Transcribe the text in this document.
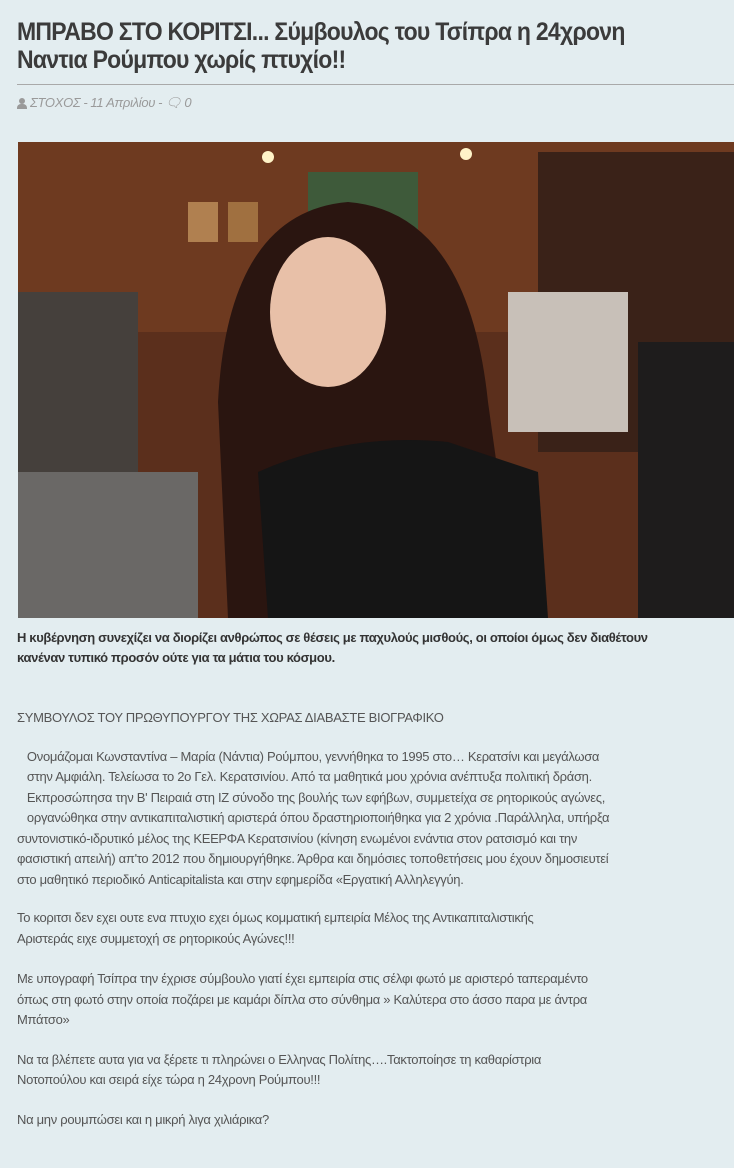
ΜΠΡΑΒΟ ΣΤΟ ΚΟΡΙΤΣΙ... Σύμβουλος του Τσίπρα η 24χρονη
Ναντια Ρούμπου χωρίς πτυχίο!!
ΣΤΟΧΟΣ - 11 Απριλίου - 🗨 0
Η κυβέρνηση συνεχίζει να διορίζει ανθρώπος σε θέσεις με παχυλούς μισθούς, οι οποίοι όμως δεν διαθέτουν
κανέναν τυπικό προσόν ούτε για τα μάτια του κόσμου.
ΣΥΜΒΟΥΛΟΣ ΤΟΥ ΠΡΩΘΥΠΟΥΡΓΟΥ ΤΗΣ ΧΩΡΑΣ ΔΙΑΒΑΣΤΕ ΒΙΟΓΡΑΦΙΚΟ
Ονομάζομαι Κωνσταντίνα – Μαρία (Νάντια) Ρούμπου, γεννήθηκα το 1995 στο… Κερατσίνι και μεγάλωσα
στην Αμφιάλη. Τελείωσα το 2ο Γελ. Κερατσινίου. Από τα μαθητικά μου χρόνια ανέπτυξα πολιτική δράση.
Εκπροσώπησα την Β' Πειραιά στη ΙΖ σύνοδο της βουλής των εφήβων, συμμετείχα σε ρητορικούς αγώνες,
οργανώθηκα στην αντικαπιταλιστική αριστερά όπου δραστηριοποιήθηκα για 2 χρόνια .Παράλληλα, υπήρξα
συντονιστικό-ιδρυτικό μέλος της ΚΕΕΡΦΑ Κερατσινίου (κίνηση ενωμένοι ενάντια στον ρατσισμό και την
φασιστική απειλή) απ'το 2012 που δημιουργήθηκε. Άρθρα και δημόσιες τοποθετήσεις μου έχουν δημοσιευτεί
στο μαθητικό περιοδικό Anticapitalista και στην εφημερίδα «Εργατική Αλληλεγγύη.
Το κοριτσι δεν εχει ουτε ενα πτυχιο εχει όμως κομματική εμπειρία Μέλος της Αντικαπιταλιστικής
Αριστεράς ειχε συμμετοχή σε ρητορικούς Αγώνες!!!
Με υπογραφή Τσίπρα την έχρισε σύμβουλο γιατί έχει εμπειρία στις σέλφι φωτό με αριστερό ταπεραμέντο
όπως στη φωτό στην οποία ποζάρει με καμάρι δίπλα στο σύνθημα » Καλύτερα στο άσσο παρα με άντρα
Μπάτσο»
Να τα βλέπετε αυτα για να ξέρετε τι πληρώνει ο Ελληνας Πολίτης….Τακτοποίησε τη καθαρίστρια
Νοτοπούλου και σειρά είχε τώρα η 24χρονη Ρούμπου!!!
Να μην ρουμπώσει και η μικρή λιγα χιλιάρικα?
